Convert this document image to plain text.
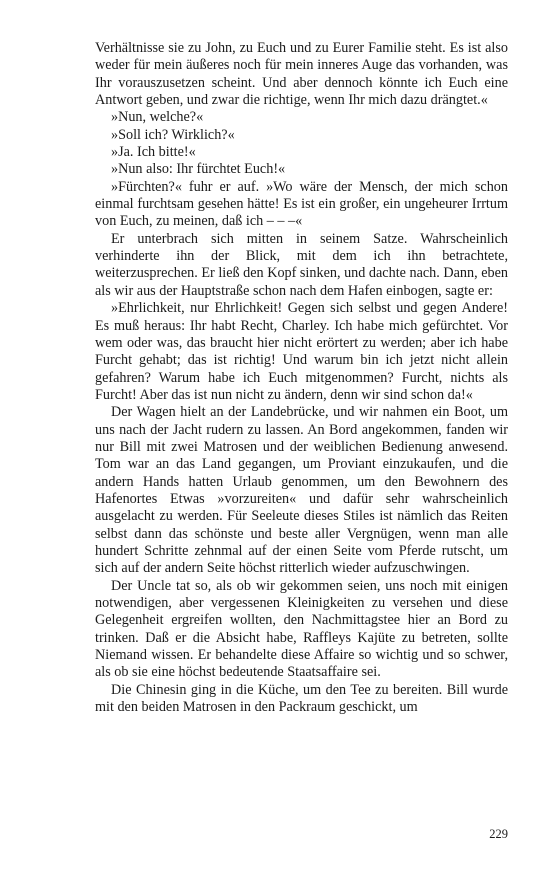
Verhältnisse sie zu John, zu Euch und zu Eurer Familie steht. Es ist also weder für mein äußeres noch für mein inneres Auge das vorhanden, was Ihr vorauszusetzen scheint. Und aber dennoch könnte ich Euch eine Antwort geben, und zwar die richtige, wenn Ihr mich dazu drängtet.«

»Nun, welche?«

»Soll ich? Wirklich?«

»Ja. Ich bitte!«

»Nun also: Ihr fürchtet Euch!«

»Fürchten?« fuhr er auf. »Wo wäre der Mensch, der mich schon einmal furchtsam gesehen hätte! Es ist ein großer, ein ungeheurer Irrtum von Euch, zu meinen, daß ich – – –«

Er unterbrach sich mitten in seinem Satze. Wahrscheinlich verhinderte ihn der Blick, mit dem ich ihn betrachtete, weiterzusprechen. Er ließ den Kopf sinken, und dachte nach. Dann, eben als wir aus der Hauptstraße schon nach dem Hafen einbogen, sagte er:

»Ehrlichkeit, nur Ehrlichkeit! Gegen sich selbst und gegen Andere! Es muß heraus: Ihr habt Recht, Charley. Ich habe mich gefürchtet. Vor wem oder was, das braucht hier nicht erörtert zu werden; aber ich habe Furcht gehabt; das ist richtig! Und warum bin ich jetzt nicht allein gefahren? Warum habe ich Euch mitgenommen? Furcht, nichts als Furcht! Aber das ist nun nicht zu ändern, denn wir sind schon da!«

Der Wagen hielt an der Landebrücke, und wir nahmen ein Boot, um uns nach der Jacht rudern zu lassen. An Bord angekommen, fanden wir nur Bill mit zwei Matrosen und der weiblichen Bedienung anwesend. Tom war an das Land gegangen, um Proviant einzukaufen, und die andern Hands hatten Urlaub genommen, um den Bewohnern des Hafenortes Etwas »vorzureiten« und dafür sehr wahrscheinlich ausgelacht zu werden. Für Seeleute dieses Stiles ist nämlich das Reiten selbst dann das schönste und beste aller Vergnügen, wenn man alle hundert Schritte zehnmal auf der einen Seite vom Pferde rutscht, um sich auf der andern Seite höchst ritterlich wieder aufzuschwingen.

Der Uncle tat so, als ob wir gekommen seien, uns noch mit einigen notwendigen, aber vergessenen Kleinigkeiten zu versehen und diese Gelegenheit ergreifen wollten, den Nachmittagstee hier an Bord zu trinken. Daß er die Absicht habe, Raffleys Kajüte zu betreten, sollte Niemand wissen. Er behandelte diese Affaire so wichtig und so schwer, als ob sie eine höchst bedeutende Staatsaffaire sei.

Die Chinesin ging in die Küche, um den Tee zu bereiten. Bill wurde mit den beiden Matrosen in den Packraum geschickt, um

229
